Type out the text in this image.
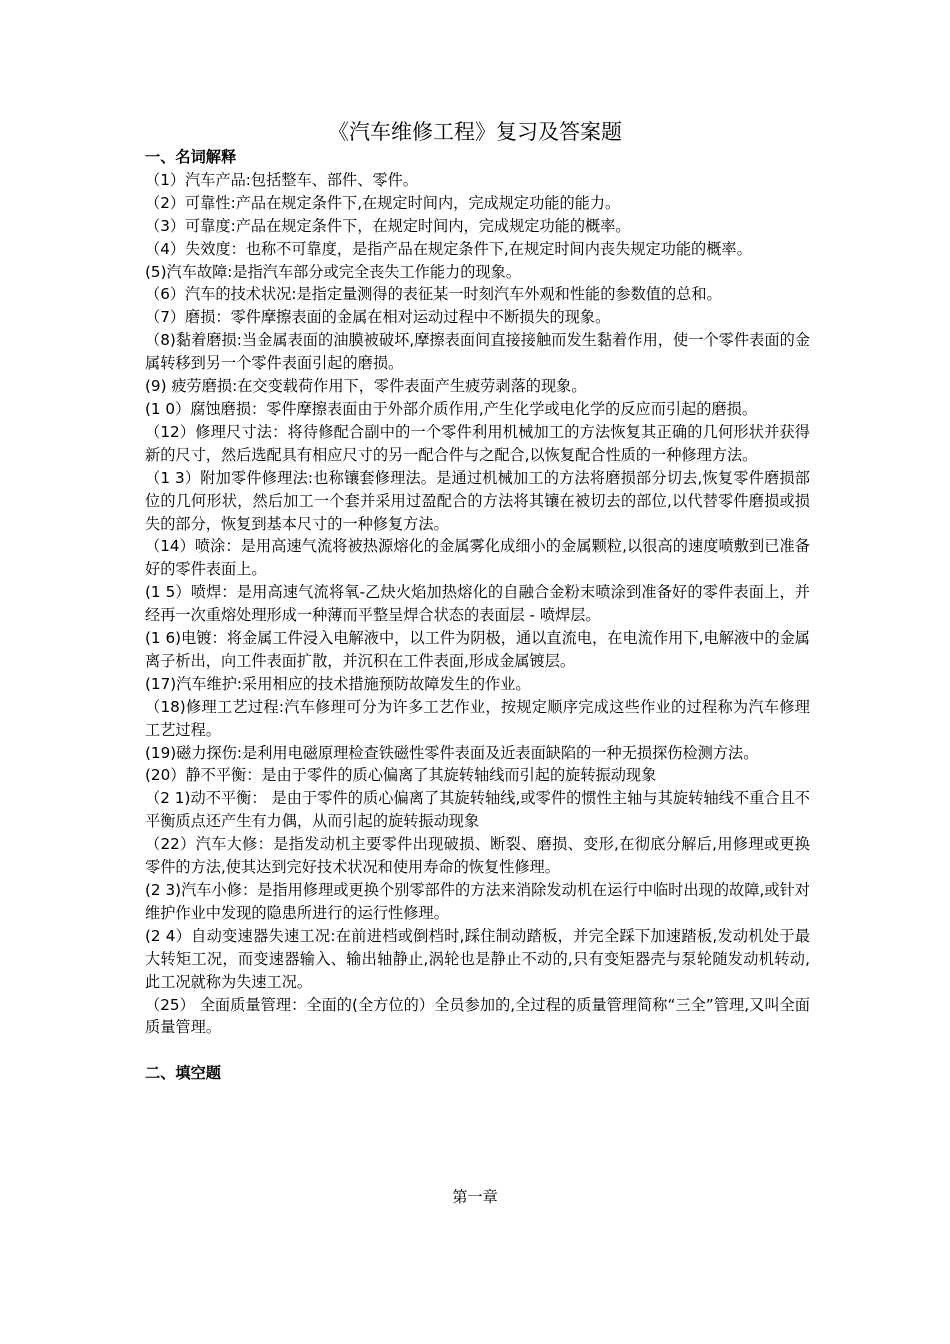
《汽车维修工程》复习及答案题

一、名词解释

（1）汽车产品:包括整车、部件、零件。

（2）可靠性:产品在规定条件下,在规定时间内，完成规定功能的能力。

（3）可靠度:产品在规定条件下，在规定时间内，完成规定功能的概率。

（4）失效度：也称不可靠度，是指产品在规定条件下,在规定时间内丧失规定功能的概率。

(5)汽车故障:是指汽车部分或完全丧失工作能力的现象。

（6）汽车的技术状况:是指定量测得的表征某一时刻汽车外观和性能的参数值的总和。

（7）磨损：零件摩擦表面的金属在相对运动过程中不断损失的现象。

（8)黏着磨损:当金属表面的油膜被破坏,摩擦表面间直接接触而发生黏着作用，使一个零件表面的金属转移到另一个零件表面引起的磨损。

(9) 疲劳磨损:在交变载荷作用下，零件表面产生疲劳剥落的现象。

(1 0）腐蚀磨损：零件摩擦表面由于外部介质作用,产生化学或电化学的反应而引起的磨损。

（12）修理尺寸法：将待修配合副中的一个零件利用机械加工的方法恢复其正确的几何形状并获得新的尺寸，然后选配具有相应尺寸的另一配合件与之配合,以恢复配合性质的一种修理方法。

（1 3）附加零件修理法:也称镶套修理法。是通过机械加工的方法将磨损部分切去,恢复零件磨损部位的几何形状，然后加工一个套并采用过盈配合的方法将其镶在被切去的部位,以代替零件磨损或损失的部分，恢复到基本尺寸的一种修复方法。

（14）喷涂：是用高速气流将被热源熔化的金属雾化成细小的金属颗粒,以很高的速度喷敷到已准备好的零件表面上。

(1 5）喷焊：是用高速气流将氧-乙炔火焰加热熔化的自融合金粉末喷涂到准备好的零件表面上，并经再一次重熔处理形成一种薄而平整呈焊合状态的表面层 - 喷焊层。

(1 6)电镀：将金属工件浸入电解液中，以工件为阴极，通以直流电，在电流作用下,电解液中的金属离子析出，向工件表面扩散，并沉积在工件表面,形成金属镀层。

(17)汽车维护:采用相应的技术措施预防故障发生的作业。

（18)修理工艺过程:汽车修理可分为许多工艺作业，按规定顺序完成这些作业的过程称为汽车修理工艺过程。

(19)磁力探伤:是利用电磁原理检查铁磁性零件表面及近表面缺陷的一种无损探伤检测方法。

(20）静不平衡：是由于零件的质心偏离了其旋转轴线而引起的旋转振动现象

（2 1)动不平衡： 是由于零件的质心偏离了其旋转轴线,或零件的惯性主轴与其旋转轴线不重合且不平衡质点还产生有力偶，从而引起的旋转振动现象

（22）汽车大修：是指发动机主要零件出现破损、断裂、磨损、变形,在彻底分解后,用修理或更换零件的方法,使其达到完好技术状况和使用寿命的恢复性修理。

(2 3)汽车小修：是指用修理或更换个别零部件的方法来消除发动机在运行中临时出现的故障,或针对维护作业中发现的隐患所进行的运行性修理。

(2 4）自动变速器失速工况:在前进档或倒档时,踩住制动踏板，并完全踩下加速踏板,发动机处于最大转矩工况，而变速器输入、输出轴静止,涡轮也是静止不动的,只有变矩器壳与泵轮随发动机转动,此工况就称为失速工况。

（25） 全面质量管理：全面的(全方位的）全员参加的,全过程的质量管理简称“三全”管理,又叫全面质量管理。

二、填空题

第一章
